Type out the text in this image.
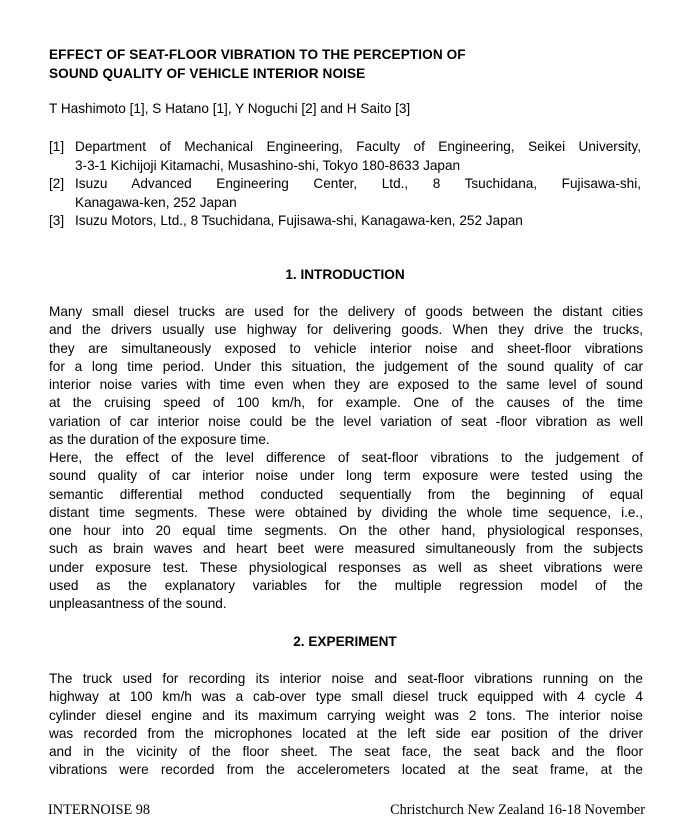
EFFECT OF SEAT-FLOOR VIBRATION TO THE PERCEPTION OF
SOUND QUALITY OF VEHICLE INTERIOR NOISE
T Hashimoto [1], S Hatano [1], Y Noguchi [2] and H Saito [3]
[1] Department of Mechanical Engineering, Faculty of Engineering, Seikei University,
3-3-1 Kichijoji Kitamachi, Musashino-shi, Tokyo 180-8633 Japan
[2] Isuzu Advanced Engineering Center, Ltd., 8 Tsuchidana, Fujisawa-shi,
Kanagawa-ken, 252 Japan
[3] Isuzu Motors, Ltd., 8 Tsuchidana, Fujisawa-shi, Kanagawa-ken, 252 Japan
1. INTRODUCTION
Many small diesel trucks are used for the delivery of goods between the distant cities
and the drivers usually use highway for delivering goods. When they drive the trucks,
they are simultaneously exposed to vehicle interior noise and sheet-floor vibrations
for a long time period. Under this situation, the judgement of the sound quality of car
interior noise varies with time even when they are exposed to the same level of sound
at the cruising speed of 100 km/h, for example. One of the causes of the time
variation of car interior noise could be the level variation of seat -floor vibration as well
as the duration of the exposure time.
Here, the effect of the level difference of seat-floor vibrations to the judgement of
sound quality of car interior noise under long term exposure were tested using the
semantic differential method conducted sequentially from the beginning of equal
distant time segments. These were obtained by dividing the whole time sequence, i.e.,
one hour into 20 equal time segments. On the other hand, physiological responses,
such as brain waves and heart beet were measured simultaneously from the subjects
under exposure test. These physiological responses as well as sheet vibrations were
used as the explanatory variables for the multiple regression model of the
unpleasantness of the sound.
2. EXPERIMENT
The truck used for recording its interior noise and seat-floor vibrations running on the
highway at 100 km/h was a cab-over type small diesel truck equipped with 4 cycle 4
cylinder diesel engine and its maximum carrying weight was 2 tons. The interior noise
was recorded from the microphones located at the left side ear position of the driver
and in the vicinity of the floor sheet. The seat face, the seat back and the floor
vibrations were recorded from the accelerometers located at the seat frame, at the
INTERNOISE 98	Christchurch New Zealand 16-18 November
